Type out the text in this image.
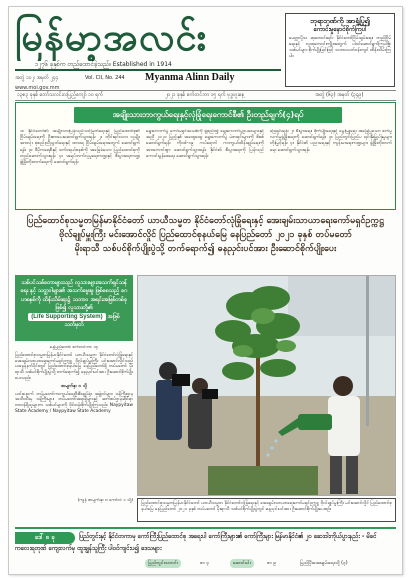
မြန်မာ့အလင်း
၁၂၇၆ ခုနှစ်က တည်ထောင်ခဲ့သည်။ Established in 1914
အတွဲ ၁၀၂၊ အမှတ် ၂၄၄	Vol. CII, No. 244 Myanma Alinn Daily
www.moi.gov.mm
ဘုရားဂုဏ်ကို အာရုံပြု၍
ကောင်းမှုနောင်စိုက်ကြပါ
မေတ္တာပို့သ ဆုတောင်းရင်း နိုင်ငံတော်ငြိမ်းချမ်းရေး၊ တည်ငြိမ်ရေးနှင့် လူထုကောင်းကျိုးအတွက် ပါဝင်ဆောင်ရွက်ကြပါစို့။ သစ်ပင်များ စိုက်ပျိုးခြင်းဖြင့် သဘာဝပတ်ဝန်းကျင် ထိန်းသိမ်းကြပါ။
၁၃၈၃ ခုနှစ် တော်သလင်းလပြည့်ကျော် ၁၀ ရက်	၂၀၂၁ ခုနှစ် စက်တင်ဘာ ၁၅ ရက် ဗုဒ္ဓဟူးနေ့	အတွဲ (၆၃) အမှတ် (၃၄၉)
အချိုးသားဘာကွယ်ရေးနှင့်လုံခြုံရေးကောင်စီ၏ ဦးတည်ချက်(၄)ရပ်
၁။ နိုင်ငံတော်၏ အမျိုးသားပြန်လည်သင့်မြတ်ရေးနှင့် ပြည်ထောင်စု၏ ငြိမ်းချမ်းရေးကို ဦးစားပေးဆောင်ရွက်သွားရန်။ ၂။ တိုင်းရင်းသား လူမျိုးအားလုံး စုစည်းညီညွတ်ရေးနှင့် ထာဝရ ငြိမ်းချမ်းရေးအတွက် ဆောင်ရွက်ရန်။ ၃။ ဒီမိုကရေစီနှင့် ဖက်ဒရယ်စနစ်ကို အခြေခံသော ပြည်ထောင်စုကို တည်ဆောက်သွားရန်။ ၄။ အရပ်ဘက်လူမှုရေးကဏ္ဍနှင့် စီးပွားရေးကဏ္ဍ ဖွံ့ဖြိုးတိုးတက်ရေးကို ဆောင်ရွက်ရန်။
ရွေးကောက်ပွဲ ကော်မရှင်အသစ်ကို ဖွဲ့စည်း၍ ရွေးကောက်ပွဲဥပဒေများနှင့်အညီ ၂၀၂၀ ပြည့်နှစ် အထွေထွေ ရွေးကောက်ပွဲ မဲစာရင်းများကို စိစစ်ဆောင်ရွက်ရန်။ ကိုဗစ်-၁၉ ကပ်ရောဂါ ကာကွယ်ထိန်းချုပ်ရေးကို အားကောင်းစွာ ဆောင်ရွက်သွားရန်။ နိုင်ငံ၏ စီးပွားရေးကို ပြန်လည်ကောင်းမွန်စေရေး ဆောင်ရွက်သွားရန်။
ဖြေရှင်းရန်။ ၂။ စီးပွားရေး၊ စိုက်ပျိုးရေးနှင့် မွေးမြူရေး အခြေပြုသော စက်မှုလက်မှုဖွံ့ဖြိုးရေးကို ဆောင်ရွက်ရန်။ ၃။ ပြည်တွင်းပြည်ပ ရင်းနှီးမြှုပ်နှံမှုများ တိုးမြှင့်ရန်။ ၄။ နိုင်ငံ၏ ပညာရေးနှင့် ကျန်းမာရေးကဏ္ဍများ ဖွံ့ဖြိုးတိုးတက်ရေး ဆောင်ရွက်သွားရန်။
ပြည်ထောင်စုသမ္မတမြန်မာနိုင်ငံတော် ယာယီသမ္မတ နိုင်ငံတော်လုံခြုံရေးနှင့် အေးချမ်းသာယာရေးကော်မရှင်ဥက္ကဋ္ဌ
ဗိုလ်ချုပ်မှူးကြီး မင်းအောင်လှိုင် ပြည်ထောင်စုနယ်မြေ နေပြည်တော် ၂၀၂၁ ခုနှစ် တပ်မတော်
မိုးရာသီ သစ်ပင်စိုက်ပျိုးပွဲသို့ တက်ရောက်၍ ဓနညှင်းပင်အား ဦးဆောင်စိုက်ပျိုးပေး
သစ်ပင်သစ်တောများသည် လူသားများအသက်ရှင်သန်ရေး နှင့် သတ္တဝါများ၏ အသက်မွေးမှု ဖြစ်စေသည့် ဂေဟစနစ်ကို ထိန်းသိမ်းရာ၌ သဘာဝ အရင်းအမြစ်တစ်ခုဖြစ်၍ လူသားတို့၏ (Life Supporting System) အဖြစ် သတ်မှတ်
နေပြည်တော်၊ စက်တင်ဘာ ၁၄
ပြည်ထောင်စုသမ္မတမြန်မာနိုင်ငံတော် ယာယီသမ္မတ နိုင်ငံတော်လုံခြုံရေးနှင့် အေးချမ်းသာယာရေးကော်မရှင်ဥက္ကဋ္ဌ ဗိုလ်ချုပ်မှူးကြီး မင်းအောင်လှိုင်သည် ယနေ့နံနက်ပိုင်းတွင် ပြည်ထောင်စုနယ်မြေ နေပြည်တော်ရှိ တပ်မတော် မိုးရာသီ သစ်ပင်စိုက်ပျိုးပွဲသို့ တက်ရောက်၍ ဓနညှင်းပင်အား ဦးဆောင်စိုက်ပျိုးပေးသည်။
စာမျက်နှာ ၈ သို့
ယင်းနောက် တပ်မတော်ကာကွယ်ရေးဦးစီးချုပ်ရုံး အဖွဲ့ဝင်များ၊ ဝန်ကြီးဌာနအသီးသီးမှ ဝန်ကြီးများ၊ တပ်မတော်အရာရှိများနှင့် ဆက်စပ်ဌာနဆိုင်ရာ တာဝန်ရှိသူများက သစ်ပင်များကို ဝိုင်းဝန်းစိုက်ပျိုးကြသည်။ Naypyitaw State Academy / Naypyitaw State Academy
(ကျန် စာမျက်နှာ ၈ ကော်လံ ၁ သို့)
ပြည်ထောင်စုသမ္မတမြန်မာနိုင်ငံတော် ယာယီသမ္မတ နိုင်ငံတော်လုံခြုံရေးနှင့် အေးချမ်းသာယာရေးကော်မရှင်ဥက္ကဋ္ဌ ဗိုလ်ချုပ်မှူးကြီး မင်းအောင်လှိုင် ပြည်ထောင်စုနယ်မြေ နေပြည်တော် ၂၀၂၁ ခုနှစ် တပ်မတော် မိုးရာသီ သစ်ပင်စိုက်ပျိုးပွဲတွင် ဓနညှင်းပင်အား ဦးဆောင်စိုက်ပျိုးပေးစဉ်။
ဒေါ် ၈ ခု	ပြည်တွင်းနှင့် နိုင်ငံတကာမှ ကော်ကြီးပြည်ထောင်စု အရေးပါ ကော်ကြီးများ၏ ကော်ကြီးများ မြန်မာနိုင်ငံ၏ ၂၀ ဆေးဝါးကိုယ်ပွားနည်း - မိခင်
ကလေးရတုဏ် ကျေးလက်မှ ထူးချွန်သူကြီး ပါဝင်ကျင်းပ၍ ဒေသများ
ပြည်တွင်းသတင်း	စာ ၃	ဆောင်းပါး	စာ ၉	ပြည်ပြီးအေးချမ်းရေးသို့ (၃)
